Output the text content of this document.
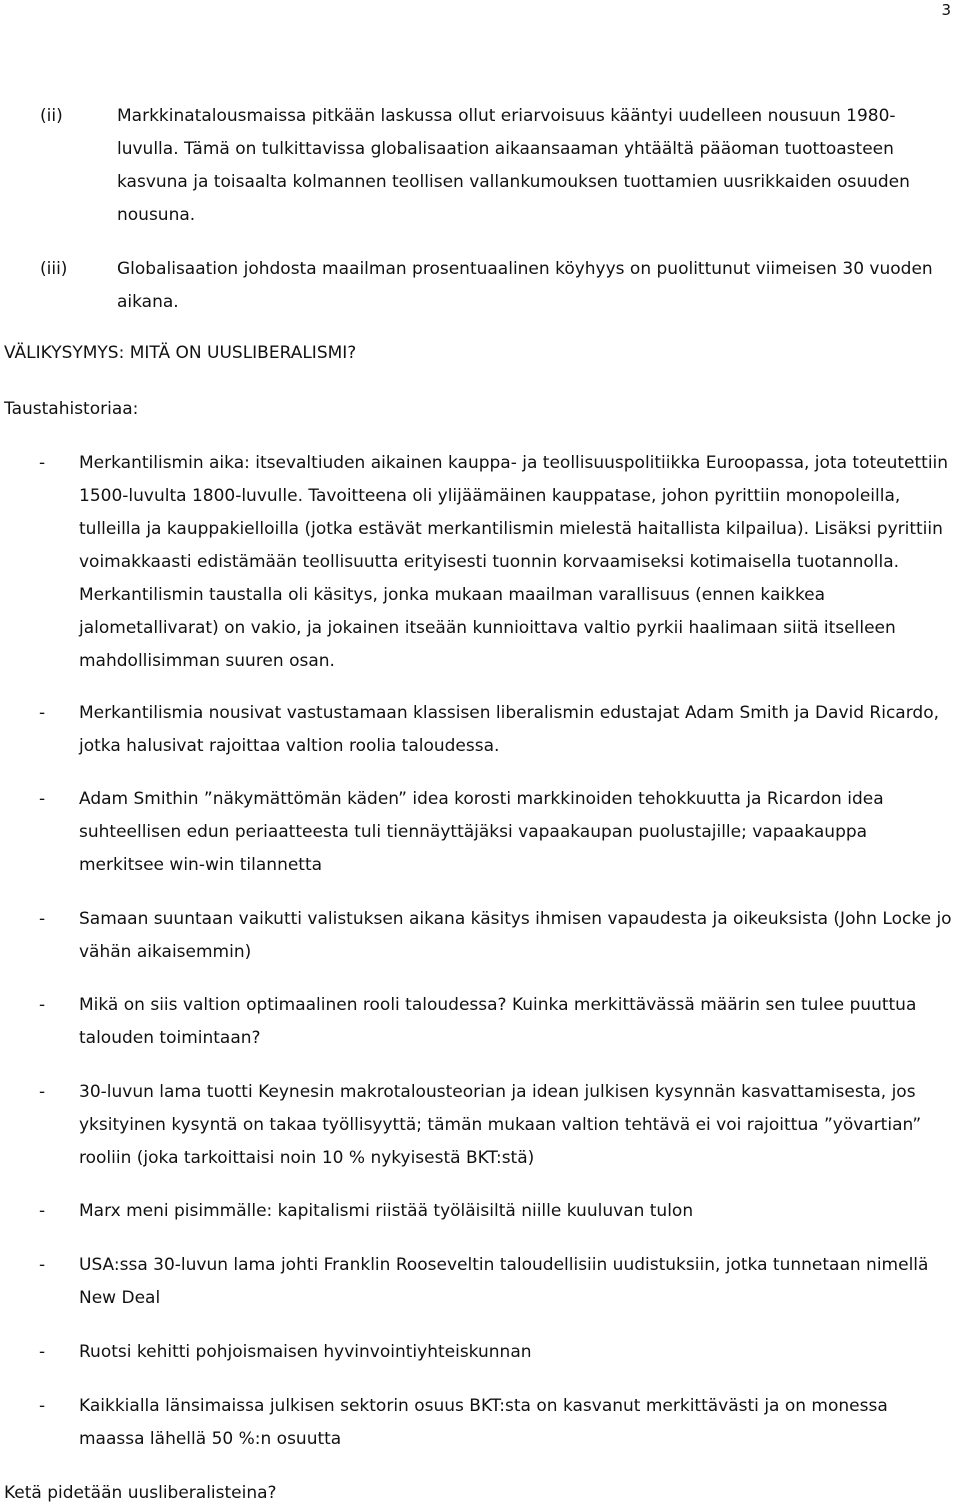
3
(ii)	Markkinatalousmaissa pitkään laskussa ollut eriarvoisuus kääntyi uudelleen nousuun 1980-luvulla. Tämä on tulkittavissa globalisaation aikaansaaman yhtäältä pääoman tuottoasteen kasvuna ja toisaalta kolmannen teollisen vallankumouksen tuottamien uusrikkaiden osuuden nousuna.

(iii)	Globalisaation johdosta maailman prosentuaalinen köyhyys on puolittunut viimeisen 30 vuoden aikana.

VÄLIKYSYMYS: MITÄ ON UUSLIBERALISMI?
Taustahistoriaa:
- Merkantilismin aika: itsevaltiuden aikainen kauppa- ja teollisuuspolitiikka Euroopassa, jota toteutettiin 1500-luvulta 1800-luvulle. Tavoitteena oli ylijäämäinen kauppatase, johon pyrittiin monopoleilla, tulleilla ja kauppakielloilla (jotka estävät merkantilismin mielestä haitallista kilpailua). Lisäksi pyrittiin voimakkaasti edistämään teollisuutta erityisesti tuonnin korvaamiseksi kotimaisella tuotannolla. Merkantilismin taustalla oli käsitys, jonka mukaan maailman varallisuus (ennen kaikkea jalometallivarat) on vakio, ja jokainen itseään kunnioittava valtio pyrkii haalimaan siitä itselleen mahdollisimman suuren osan.

- Merkantilismia nousivat vastustamaan klassisen liberalismin edustajat Adam Smith ja David Ricardo, jotka halusivat rajoittaa valtion roolia taloudessa.

- Adam Smithin ”näkymättömän käden” idea korosti markkinoiden tehokkuutta ja Ricardon idea suhteellisen edun periaatteesta tuli tiennäyttäjäksi vapaakaupan puolustajille; vapaakauppa merkitsee win-win tilannetta

- Samaan suuntaan vaikutti valistuksen aikana käsitys ihmisen vapaudesta ja oikeuksista (John Locke jo vähän aikaisemmin)

- Mikä on siis valtion optimaalinen rooli taloudessa? Kuinka merkittävässä määrin sen tulee puuttua talouden toimintaan?

- 30-luvun lama tuotti Keynesin makrotalousteorian ja idean julkisen kysynnän kasvattamisesta, jos yksityinen kysyntä on takaa työllisyyttä; tämän mukaan valtion tehtävä ei voi rajoittua ”yövartian” rooliin (joka tarkoittaisi noin 10 % nykyisestä BKT:stä)

- Marx meni pisimmälle: kapitalismi riistää työläisiltä niille kuuluvan tulon

- USA:ssa 30-luvun lama johti Franklin Rooseveltin taloudellisiin uudistuksiin, jotka tunnetaan nimellä New Deal

- Ruotsi kehitti pohjoismaisen hyvinvointiyhteiskunnan

- Kaikkialla länsimaissa julkisen sektorin osuus BKT:sta on kasvanut merkittävästi ja on monessa maassa lähellä 50 %:n osuutta

Ketä pidetään uusliberalisteina?
